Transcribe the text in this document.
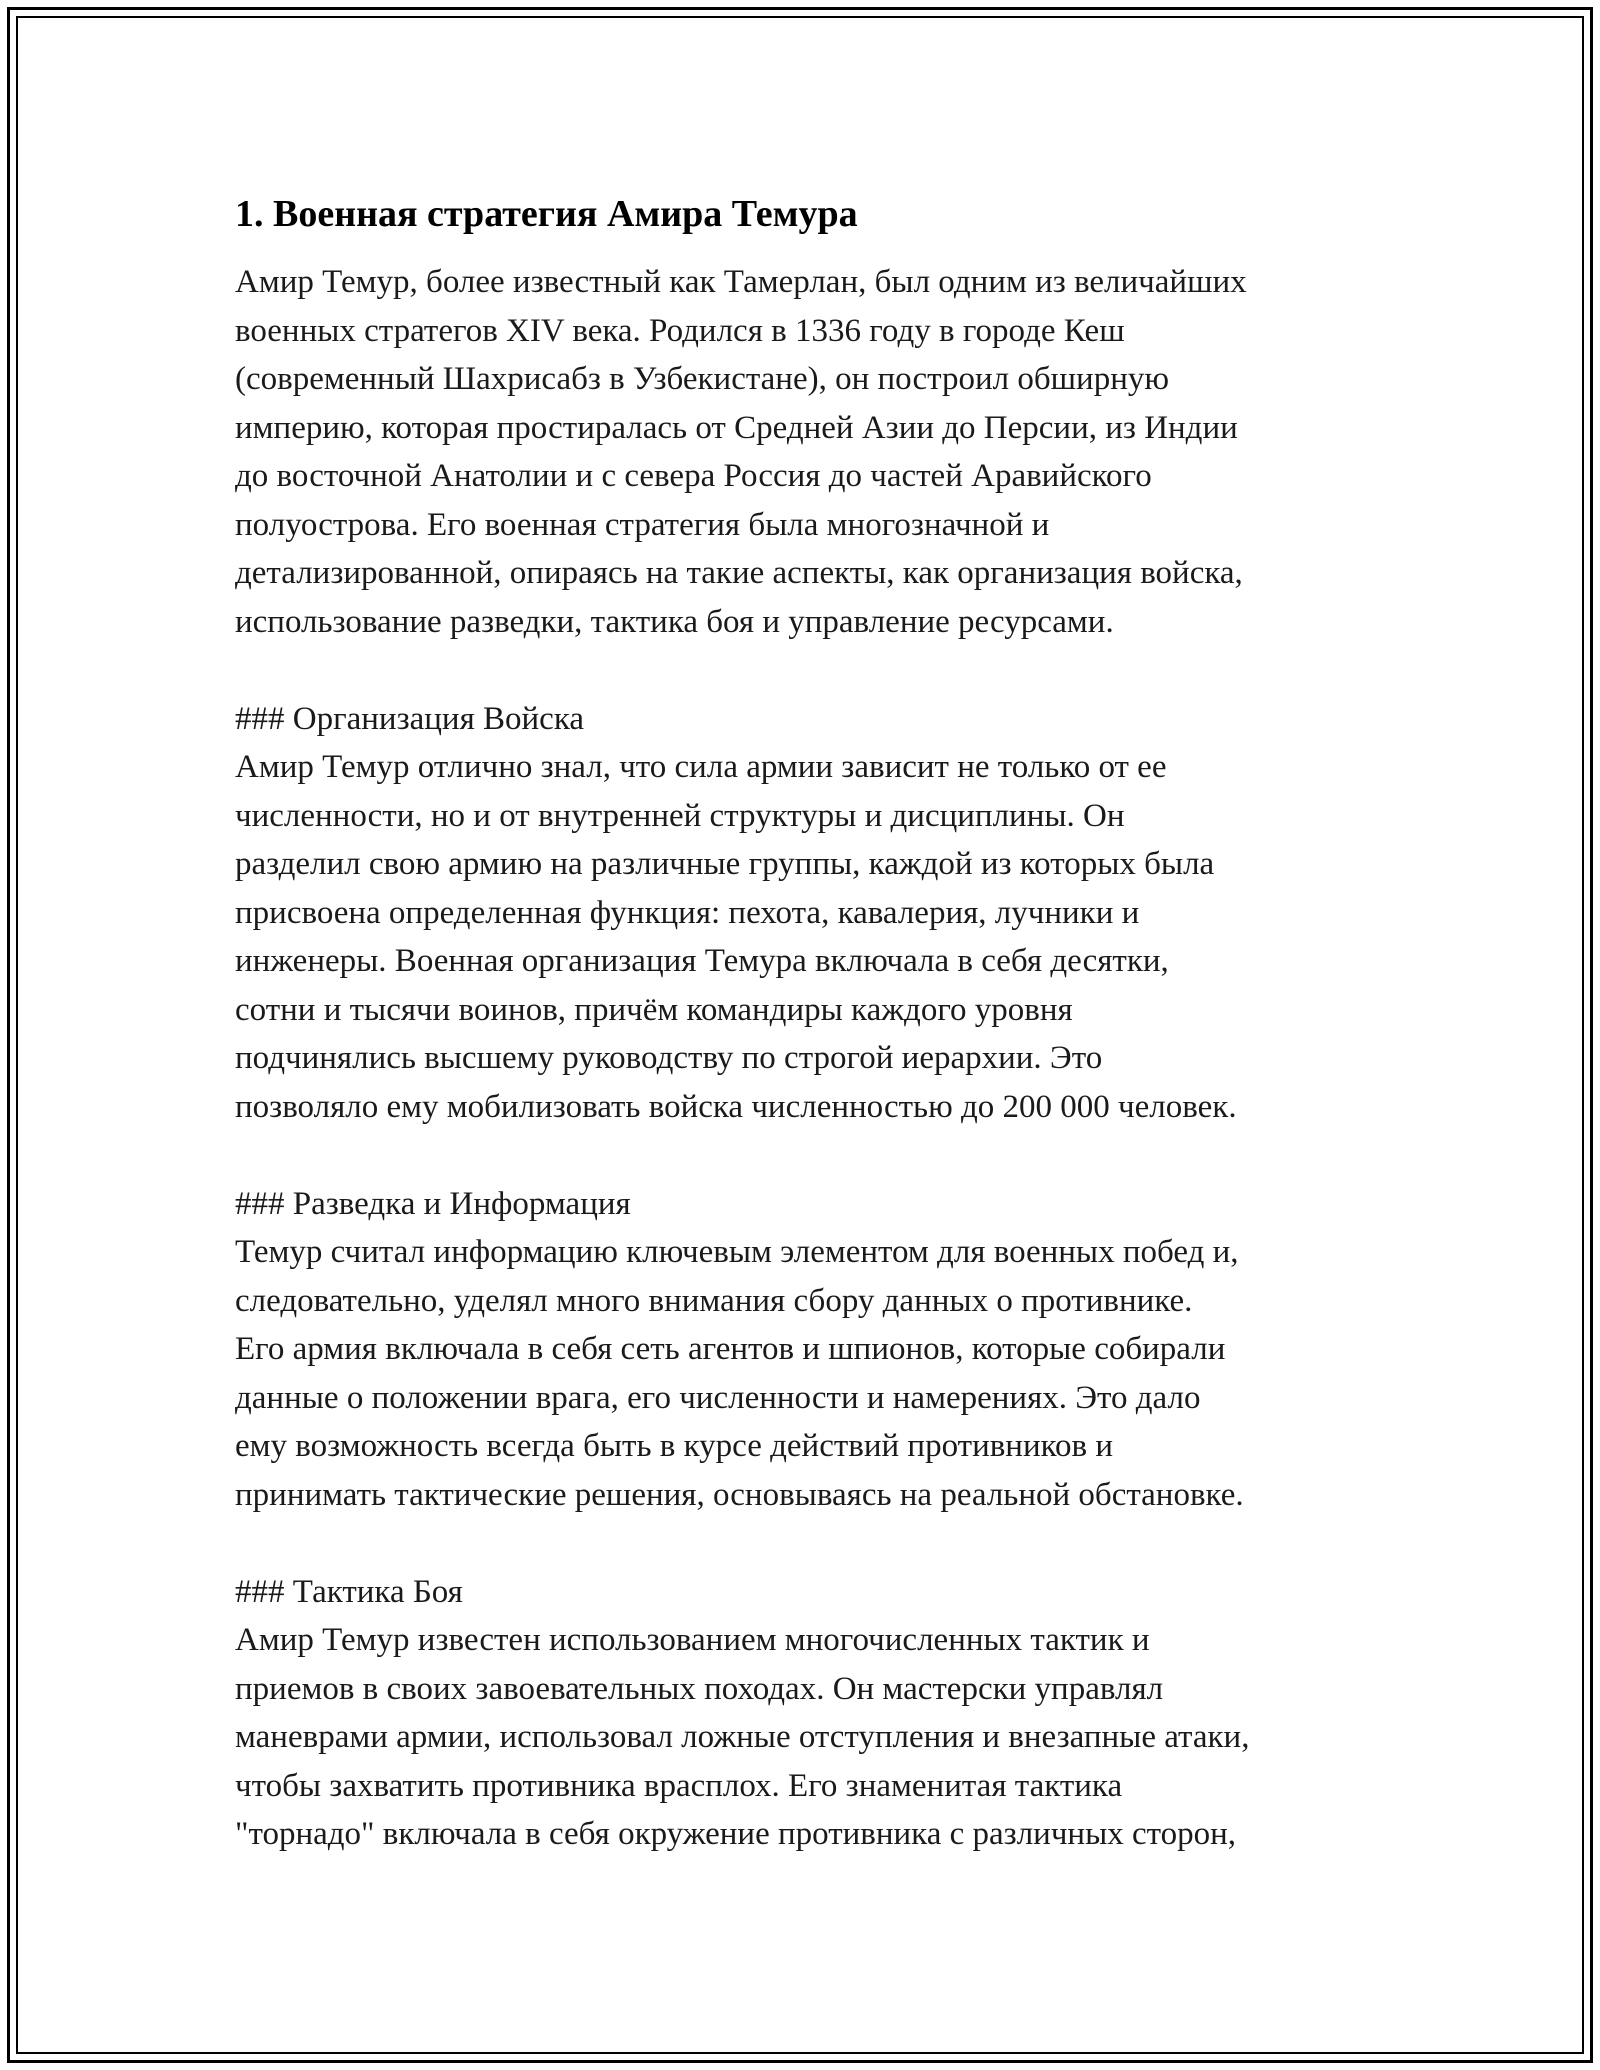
1. Военная стратегия Амира Темура

Амир Темур, более известный как Тамерлан, был одним из величайших
военных стратегов XIV века. Родился в 1336 году в городе Кеш
(современный Шахрисабз в Узбекистане), он построил обширную
империю, которая простиралась от Средней Азии до Персии, из Индии
до восточной Анатолии и с севера Россия до частей Аравийского
полуострова. Его военная стратегия была многозначной и
детализированной, опираясь на такие аспекты, как организация войска,
использование разведки, тактика боя и управление ресурсами.

### Организация Войска

Амир Темур отлично знал, что сила армии зависит не только от ее
численности, но и от внутренней структуры и дисциплины. Он
разделил свою армию на различные группы, каждой из которых была
присвоена определенная функция: пехота, кавалерия, лучники и
инженеры. Военная организация Темура включала в себя десятки,
сотни и тысячи воинов, причём командиры каждого уровня
подчинялись высшему руководству по строгой иерархии. Это
позволяло ему мобилизовать войска численностью до 200 000 человек.

### Разведка и Информация

Темур считал информацию ключевым элементом для военных побед и,
следовательно, уделял много внимания сбору данных о противнике.
Его армия включала в себя сеть агентов и шпионов, которые собирали
данные о положении врага, его численности и намерениях. Это дало
ему возможность всегда быть в курсе действий противников и
принимать тактические решения, основываясь на реальной обстановке.

### Тактика Боя

Амир Темур известен использованием многочисленных тактик и
приемов в своих завоевательных походах. Он мастерски управлял
маневрами армии, использовал ложные отступления и внезапные атаки,
чтобы захватить противника врасплох. Его знаменитая тактика
"торнадо" включала в себя окружение противника с различных сторон,
